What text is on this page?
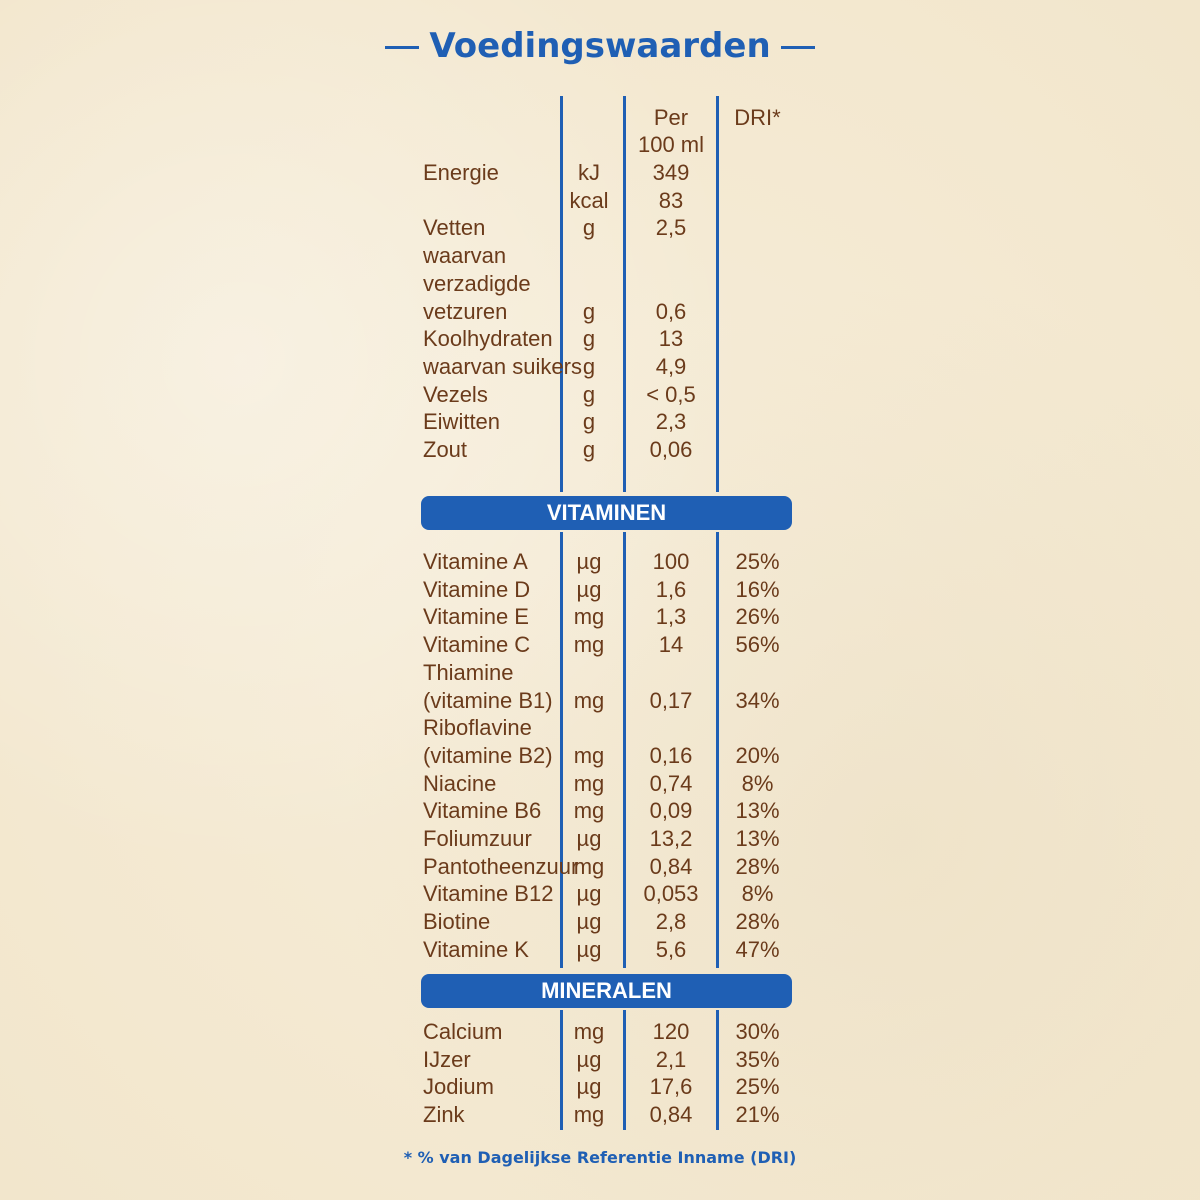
Voedingswaarden
Per	DRI*
100 ml
Energie	kJ	349
kcal	83
Vetten	g	2,5
waarvan
verzadigde
vetzuren	g	0,6
Koolhydraten	g	13
waarvan suikers g	4,9
Vezels	g	< 0,5
Eiwitten	g	2,3
Zout	g	0,06
VITAMINEN
Vitamine A	µg	100	25%
Vitamine D	µg	1,6	16%
Vitamine E	mg	1,3	26%
Vitamine C	mg	14	56%
Thiamine
(vitamine B1) mg	0,17	34%
Riboflavine
(vitamine B2) mg	0,16	20%
Niacine	mg	0,74	8%
Vitamine B6	mg	0,09	13%
Foliumzuur	µg	13,2	13%
Pantotheenzuur
mg	0,84	28%
Vitamine B12	µg	0,053	8%
Biotine	µg	2,8	28%
Vitamine K	µg	5,6	47%
MINERALEN
Calcium	mg	120	30%
IJzer	µg	2,1	35%
Jodium	µg	17,6	25%
Zink	mg	0,84	21%
* % van Dagelijkse Referentie Inname (DRI)
